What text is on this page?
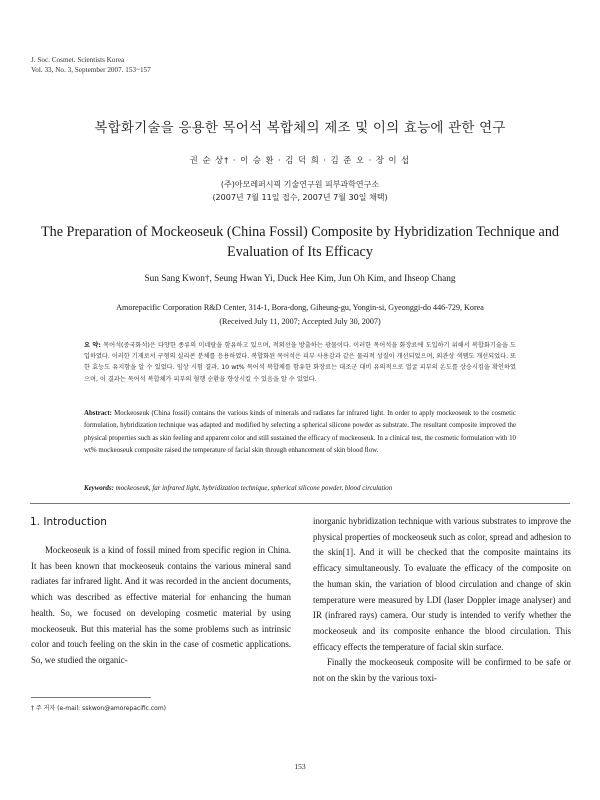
J. Soc. Cosmet. Scientists Korea
Vol. 33, No. 3, September 2007. 153~157
복합화기술을 응용한 목어석 복합체의 제조 및 이의 효능에 관한 연구
권 순 상† · 이 승 환 · 김 덕 희 · 김 준 오 · 장 이 섭
(주)아모레퍼시픽 기술연구원 피부과학연구소
(2007년 7월 11일 접수, 2007년 7월 30일 채택)
The Preparation of Mockeoseuk (China Fossil) Composite by Hybridization Technique and Evaluation of Its Efficacy
Sun Sang Kwon†, Seung Hwan Yi, Duck Hee Kim, Jun Oh Kim, and Ihseop Chang
Amorepacific Corporation R&D Center, 314-1, Bora-dong, Giheung-gu, Yongin-si, Gyeonggi-do 446-729, Korea
(Received July 11, 2007; Accepted July 30, 2007)
요 약: 목어석(중국화석)은 다양한 종류의 미네랄을 함유하고 있으며, 적외선을 방출하는 광물이다. 이러한 목어석을 화장료에 도입하기 위해서 복합화기술을 도입하였다. 이러한 기재로서 구형의 실리콘 분체를 응용하였다. 복합화된 목어석은 피부 사용감과 같은 물리적 성질이 개선되었으며, 외관상 색쨈도 개선되었다. 또한 효능도 유지함을 알 수 있었다. 임상 시험 결과, 10 wt% 목어석 복합체를 함유한 화장료는 대조군 대비 유의적으로 얼굴 피부의 온도를 상승시킴을 확인하였으며, 이 결과는 목어석 복합체가 피부의 혈행 순환을 향상시킬 수 있음을 알 수 있었다.
Abstract: Mockeoseuk (China fossil) contains the various kinds of minerals and radiates far infrared light. In order to apply mockeoseuk to the cosmetic formulation, hybridization technique was adapted and modified by selecting a spherical silicone powder as substrate. The resultant composite improved the physical properties such as skin feeling and apparent color and still sustained the efficacy of mockeoseuk. In a clinical test, the cosmetic formulation with 10 wt% mockeoseuk composite raised the temperature of facial skin through enhancement of skin blood flow.
Keywords: mockeoseuk, far infrared light, hybridization technique, spherical silicone powder, blood circulation
1. Introduction

Mockeoseuk is a kind of fossil mined from specific region in China. It has been known that mockeoseuk contains the various mineral sand radiates far infrared light. And it was recorded in the ancient documents, which was described as effective material for enhancing the human health. So, we focused on developing cosmetic material by using mockeoseuk. But this material has the some problems such as intrinsic color and touch feeling on the skin in the case of cosmetic applications. So, we studied the organic-

inorganic hybridization technique with various substrates to improve the physical properties of mockeoseuk such as color, spread and adhesion to the skin[1]. And it will be checked that the composite maintains its efficacy simultaneously. To evaluate the efficacy of the composite on the human skin, the variation of blood circulation and change of skin temperature were measured by LDI (laser Doppler image analyser) and IR (infrared rays) camera. Our study is intended to verify whether the mockeoseuk and its composite enhance the blood circulation. This efficacy effects the temperature of facial skin surface.

Finally the mockeoseuk composite will be confirmed to be safe or not on the skin by the various toxi-

† 주 저자 (e-mail: sskwon@amorepacific.com)
153
